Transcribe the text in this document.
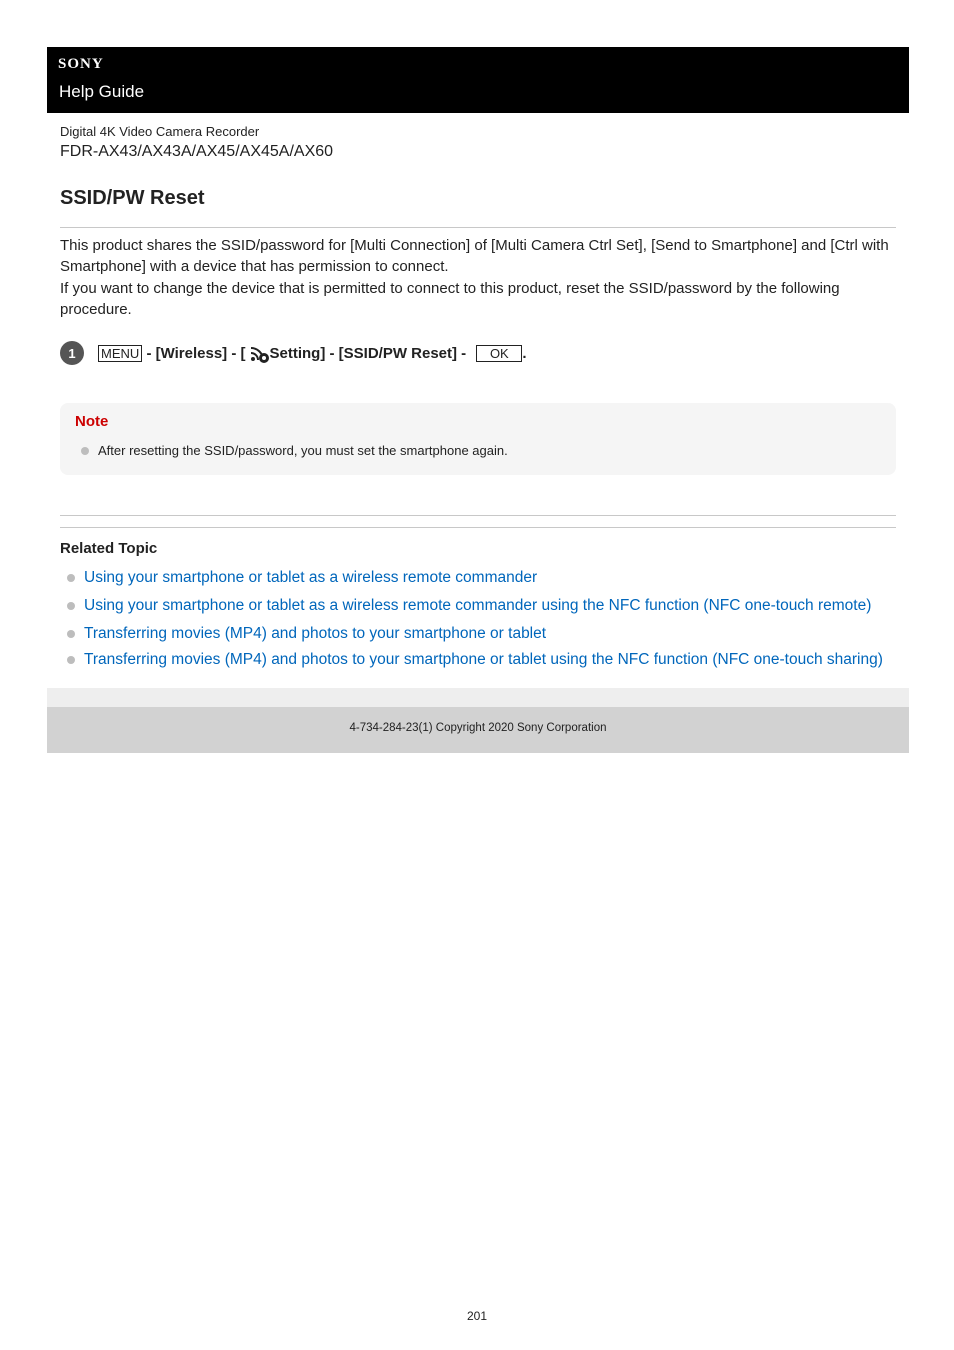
SONY
Help Guide
Digital 4K Video Camera Recorder
FDR-AX43/AX43A/AX45/AX45A/AX60
SSID/PW Reset

This product shares the SSID/password for [Multi Connection] of [Multi Camera Ctrl Set], [Send to Smartphone] and [Ctrl with Smartphone] with a device that has permission to connect.

If you want to change the device that is permitted to connect to this product, reset the SSID/password by the following procedure.

1	MENU - [Wireless] - [ Setting] - [SSID/PW Reset] -	OK .
Note
After resetting the SSID/password, you must set the smartphone again.
Related Topic
Using your smartphone or tablet as a wireless remote commander
Using your smartphone or tablet as a wireless remote commander using the NFC function (NFC one-touch remote)
Transferring movies (MP4) and photos to your smartphone or tablet
Transferring movies (MP4) and photos to your smartphone or tablet using the NFC function (NFC one-touch sharing)
4-734-284-23(1) Copyright 2020 Sony Corporation
201
